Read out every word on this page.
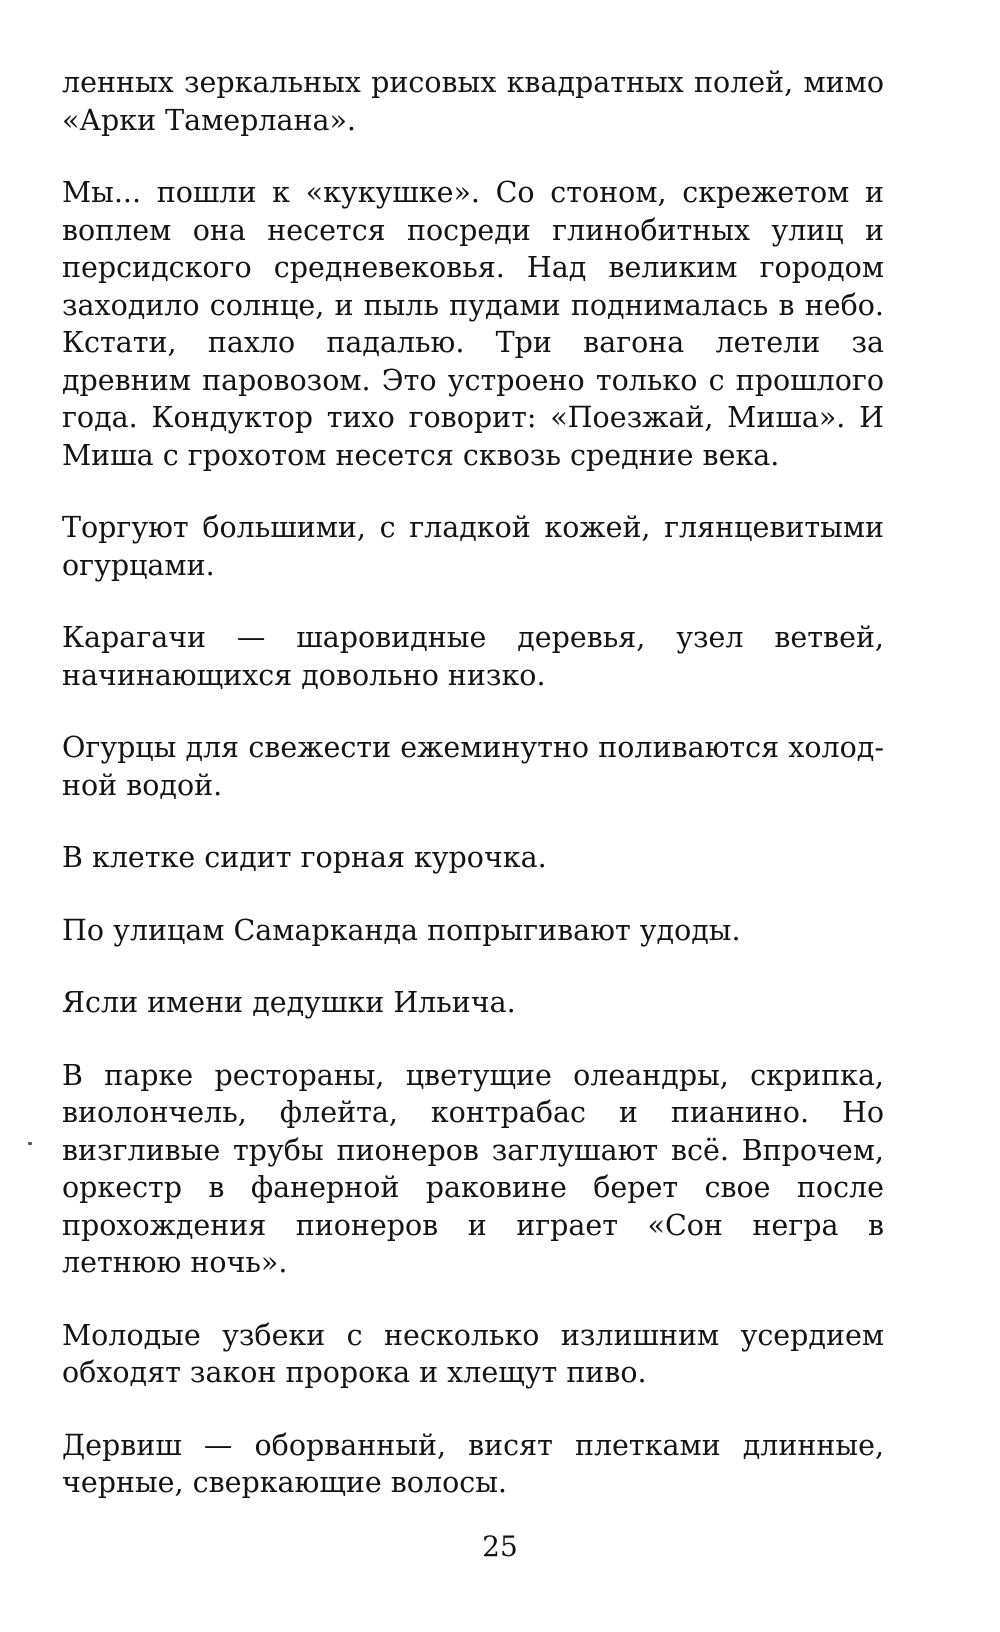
ленных зеркальных рисовых квадратных полей, мимо «Арки Тамерлана».

Мы... пошли к «кукушке». Со стоном, скрежетом и воплем она несется посреди глинобитных улиц и персидского средневековья. Над великим городом заходило солнце, и пыль пудами поднималась в небо. Кстати, пахло падалью. Три вагона летели за древним паровозом. Это устроено только с прошлого года. Кондуктор тихо говорит: «Поезжай, Миша». И Миша с грохотом несется сквозь средние века.

Торгуют большими, с гладкой кожей, глянцевитыми огурцами.

Карагачи — шаровидные деревья, узел ветвей, начинающихся довольно низко.

Огурцы для свежести ежеминутно поливаются холодной водой.

В клетке сидит горная курочка.

По улицам Самарканда попрыгивают удоды.

Ясли имени дедушки Ильича.

В парке рестораны, цветущие олеандры, скрипка, виолончель, флейта, контрабас и пианино. Но визгливые трубы пионеров заглушают всё. Впрочем, оркестр в фанерной раковине берет свое после прохождения пионеров и играет «Сон негра в летнюю ночь».

Молодые узбеки с несколько излишним усердием обходят закон пророка и хлещут пиво.

Дервиш — оборванный, висят плетками длинные, черные, сверкающие волосы.

25
